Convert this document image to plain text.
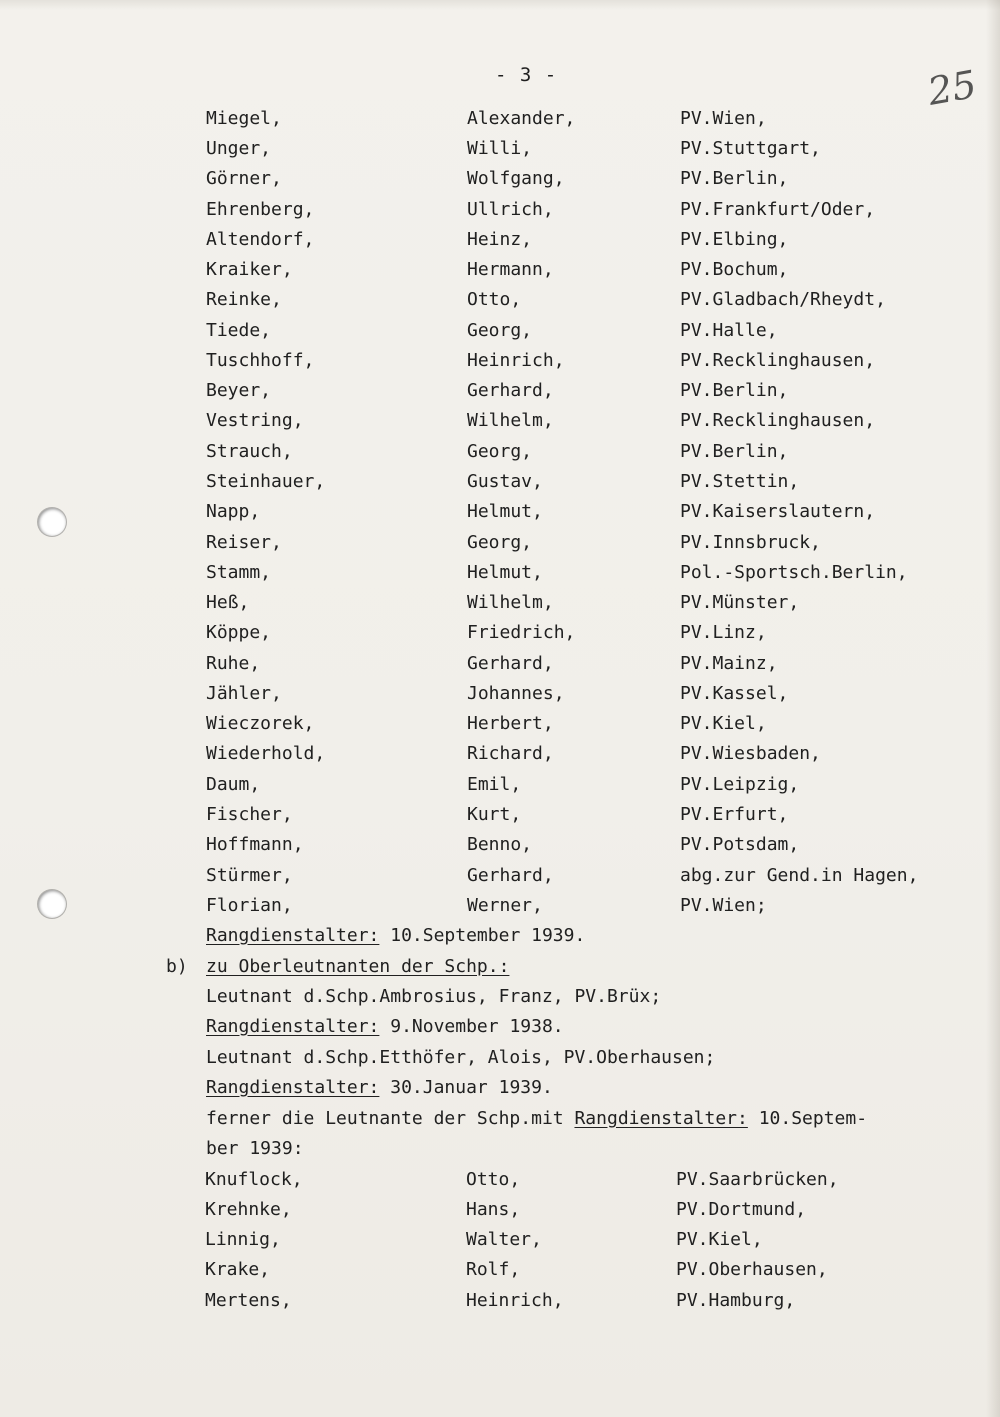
- 3 -	25
Miegel,	Alexander,	PV.Wien,
Unger,	Willi,	PV.Stuttgart,
Görner,	Wolfgang,	PV.Berlin,
Ehrenberg,	Ullrich,	PV.Frankfurt/Oder,
Altendorf,	Heinz,	PV.Elbing,
Kraiker,	Hermann,	PV.Bochum,
Reinke,	Otto,	PV.Gladbach/Rheydt,
Tiede,	Georg,	PV.Halle,
Tuschhoff,	Heinrich,	PV.Recklinghausen,
Beyer,	Gerhard,	PV.Berlin,
Vestring,	Wilhelm,	PV.Recklinghausen,
Strauch,	Georg,	PV.Berlin,
Steinhauer,	Gustav,	PV.Stettin,
Napp,	Helmut,	PV.Kaiserslautern,
Reiser,	Georg,	PV.Innsbruck,
Stamm,	Helmut,	Pol.-Sportsch.Berlin,
Heß,	Wilhelm,	PV.Münster,
Köppe,	Friedrich,	PV.Linz,
Ruhe,	Gerhard,	PV.Mainz,
Jähler,	Johannes,	PV.Kassel,
Wieczorek,	Herbert,	PV.Kiel,
Wiederhold,	Richard,	PV.Wiesbaden,
Daum,	Emil,	PV.Leipzig,
Fischer,	Kurt,	PV.Erfurt,
Hoffmann,	Benno,	PV.Potsdam,
Stürmer,	Gerhard,	abg.zur Gend.in Hagen,
Florian,	Werner,	PV.Wien;
Rangdienstalter: 10.September 1939.
b) zu Oberleutnanten der Schp.:
Leutnant d.Schp.Ambrosius, Franz, PV.Brüx;
Rangdienstalter: 9.November 1938.
Leutnant d.Schp.Etthöfer, Alois, PV.Oberhausen;
Rangdienstalter: 30.Januar 1939.
ferner die Leutnante der Schp.mit Rangdienstalter: 10.Septem-
ber 1939:
Knuflock,	Otto,	PV.Saarbrücken,
Krehnke,	Hans,	PV.Dortmund,
Linnig,	Walter,	PV.Kiel,
Krake,	Rolf,	PV.Oberhausen,
Mertens,	Heinrich,	PV.Hamburg,
